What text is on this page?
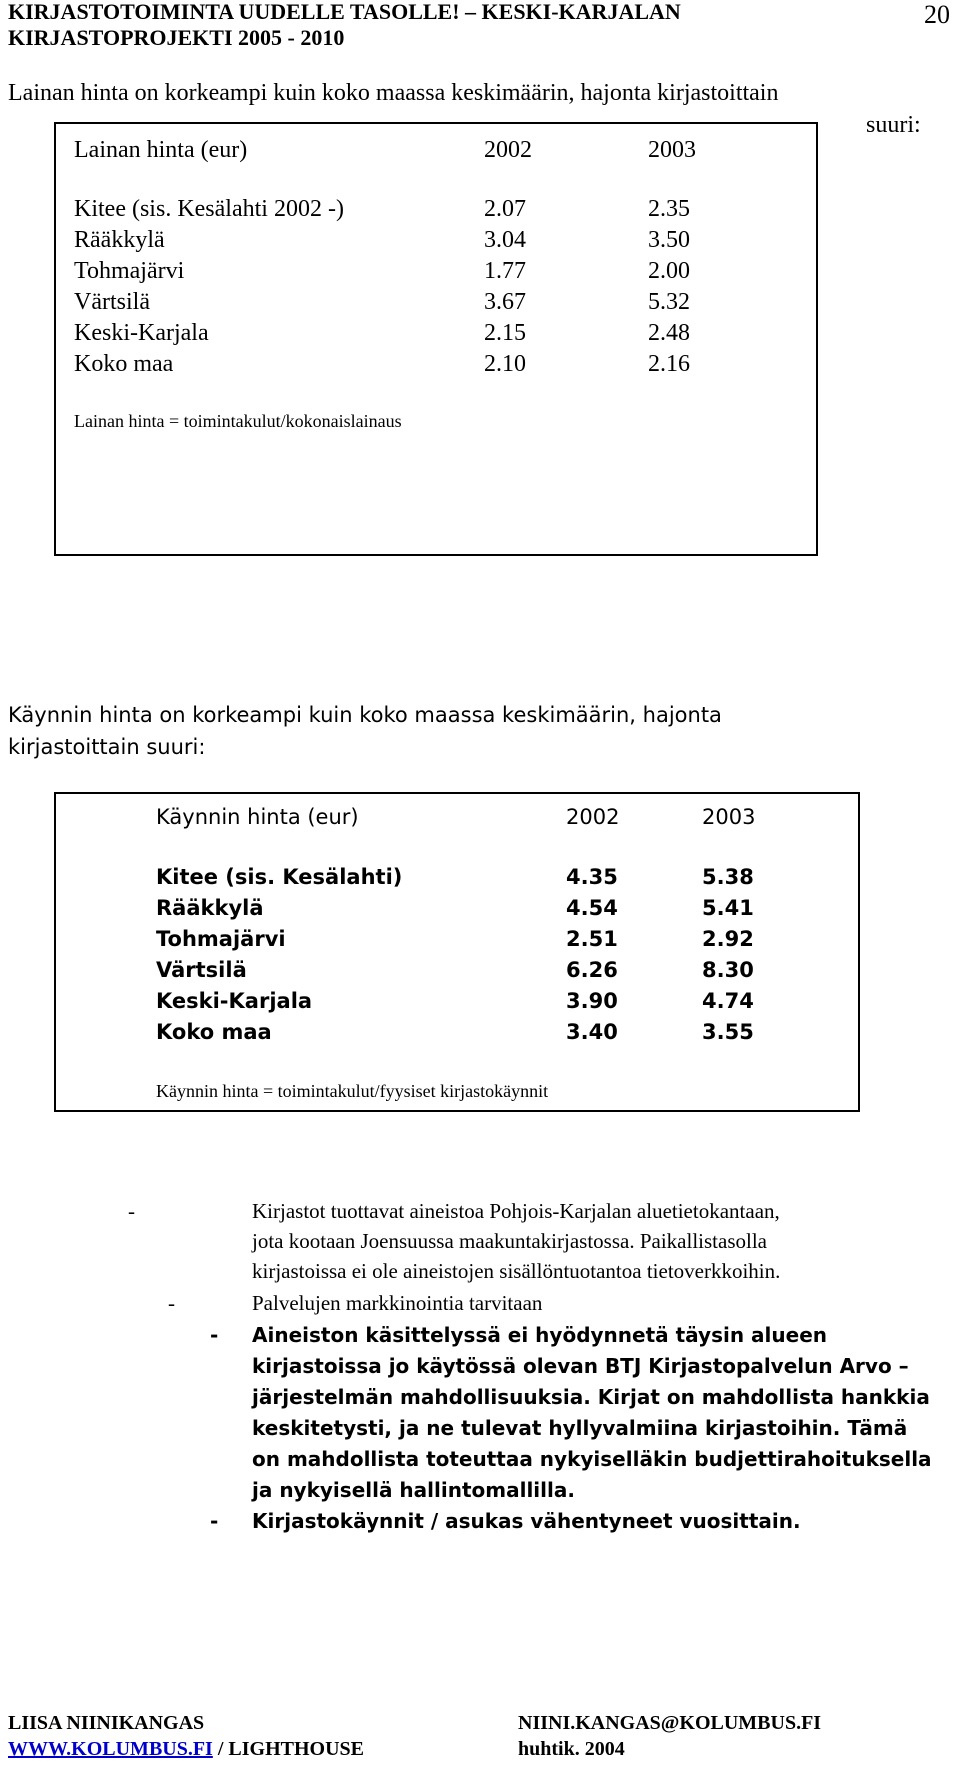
KIRJASTOTOIMINTA UUDELLE TASOLLE! – KESKI-KARJALAN
KIRJASTOPROJEKTI 2005 - 2010
20
Lainan hinta on korkeampi kuin koko maassa keskimäärin, hajonta kirjastoittain
suuri:
Lainan hinta (eur)	2002	2003
Kitee (sis. Kesälahti 2002 -)	2.07	2.35
Rääkkylä	3.04	3.50
Tohmajärvi	1.77	2.00
Värtsilä	3.67	5.32
Keski-Karjala	2.15	2.48
Koko maa	2.10	2.16
Lainan hinta = toimintakulut/kokonaislainaus
Käynnin hinta on korkeampi kuin koko maassa keskimäärin, hajonta
kirjastoittain suuri:
Käynnin hinta (eur)	2002	2003
Kitee (sis. Kesälahti)	4.35	5.38
Rääkkylä	4.54	5.41
Tohmajärvi	2.51	2.92
Värtsilä	6.26	8.30
Keski-Karjala	3.90	4.74
Koko maa	3.40	3.55
Käynnin hinta = toimintakulut/fyysiset kirjastokäynnit
-	Kirjastot tuottavat aineistoa Pohjois-Karjalan aluetietokantaan,
jota kootaan Joensuussa maakuntakirjastossa. Paikallistasolla
kirjastoissa ei ole aineistojen sisällöntuotantoa tietoverkkoihin.
-	Palvelujen markkinointia tarvitaan
- Aineiston käsittelyssä ei hyödynnetä täysin alueen
kirjastoissa jo käytössä olevan BTJ Kirjastopalvelun Arvo –
järjestelmän mahdollisuuksia. Kirjat on mahdollista hankkia
keskitetysti, ja ne tulevat hyllyvalmiina kirjastoihin. Tämä
on mahdollista toteuttaa nykyiselläkin budjettirahoituksella
ja nykyisellä hallintomallilla.
- Kirjastokäynnit / asukas vähentyneet vuosittain.
LIISA NIINIKANGAS	NIINI.KANGAS@KOLUMBUS.FI
WWW.KOLUMBUS.FI / LIGHTHOUSE	huhtik. 2004
